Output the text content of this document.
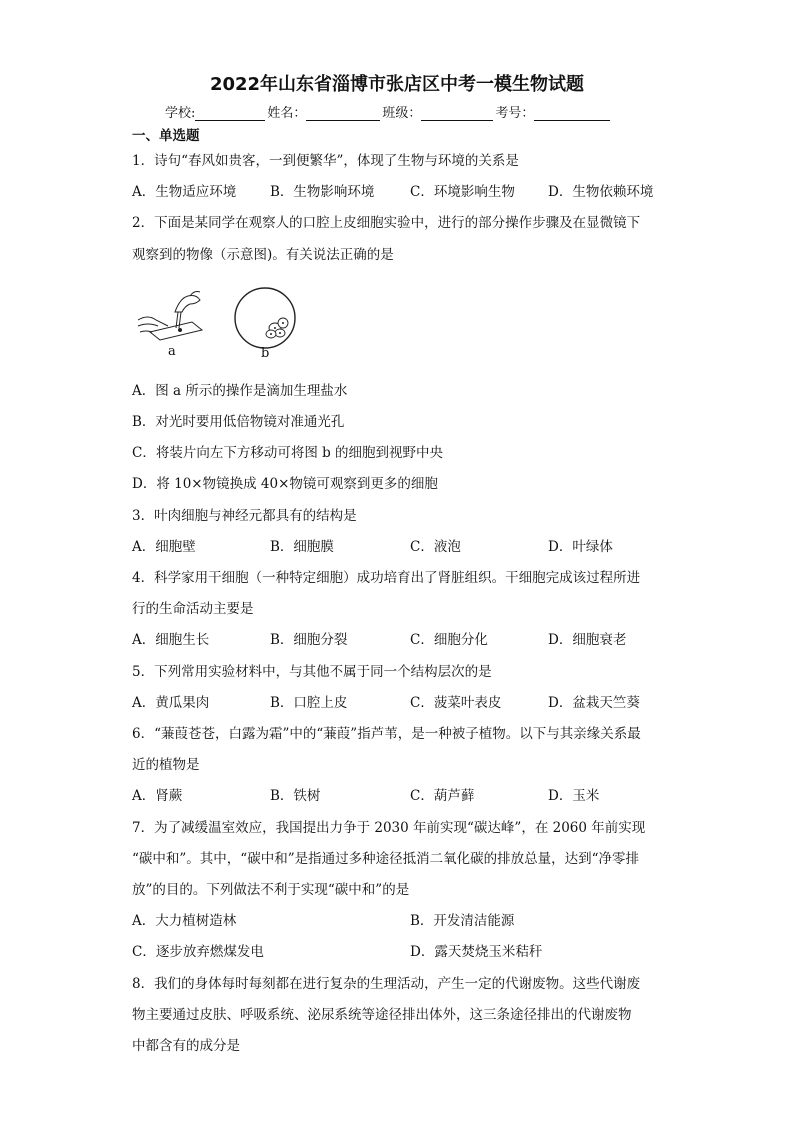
2022年山东省淄博市张店区中考一模生物试题
学校:	姓名：	班级：	考号：
一、单选题
1．诗句“春风如贵客，一到便繁华”，体现了生物与环境的关系是
A．生物适应环境	B．生物影响环境	C．环境影响生物 D．生物依赖环境
2．下面是某同学在观察人的口腔上皮细胞实验中，进行的部分操作步骤及在显微镜下
观察到的物像（示意图)。有关说法正确的是
a	b
A．图 a 所示的操作是滴加生理盐水
B．对光时要用低倍物镜对准通光孔
C．将装片向左下方移动可将图 b 的细胞到视野中央
D．将 10×物镜换成 40×物镜可观察到更多的细胞
3．叶肉细胞与神经元都具有的结构是
A．细胞壁	B．细胞膜	C．液泡	D．叶绿体
4．科学家用干细胞（一种特定细胞）成功培育出了肾脏组织。干细胞完成该过程所进
行的生命活动主要是
A．细胞生长	B．细胞分裂	C．细胞分化	D．细胞衰老
5．下列常用实验材料中，与其他不属于同一个结构层次的是
A．黄瓜果肉	B．口腔上皮	C．菠菜叶表皮	D．盆栽天竺葵
6．“蒹葭苍苍，白露为霜”中的“蒹葭”指芦苇，是一种被子植物。以下与其亲缘关系最
近的植物是
A．肾蕨	B．铁树	C．葫芦藓	D．玉米
7．为了减缓温室效应，我国提出力争于 2030 年前实现“碳达峰”，在 2060 年前实现
“碳中和”。其中，“碳中和”是指通过多种途径抵消二氧化碳的排放总量，达到“净零排
放”的目的。下列做法不利于实现“碳中和”的是
A．大力植树造林	B．开发清洁能源
C．逐步放弃燃煤发电	D．露天焚烧玉米秸秆
8．我们的身体每时每刻都在进行复杂的生理活动，产生一定的代谢废物。这些代谢废
物主要通过皮肤、呼吸系统、泌尿系统等途径排出体外，这三条途径排出的代谢废物
中都含有的成分是
